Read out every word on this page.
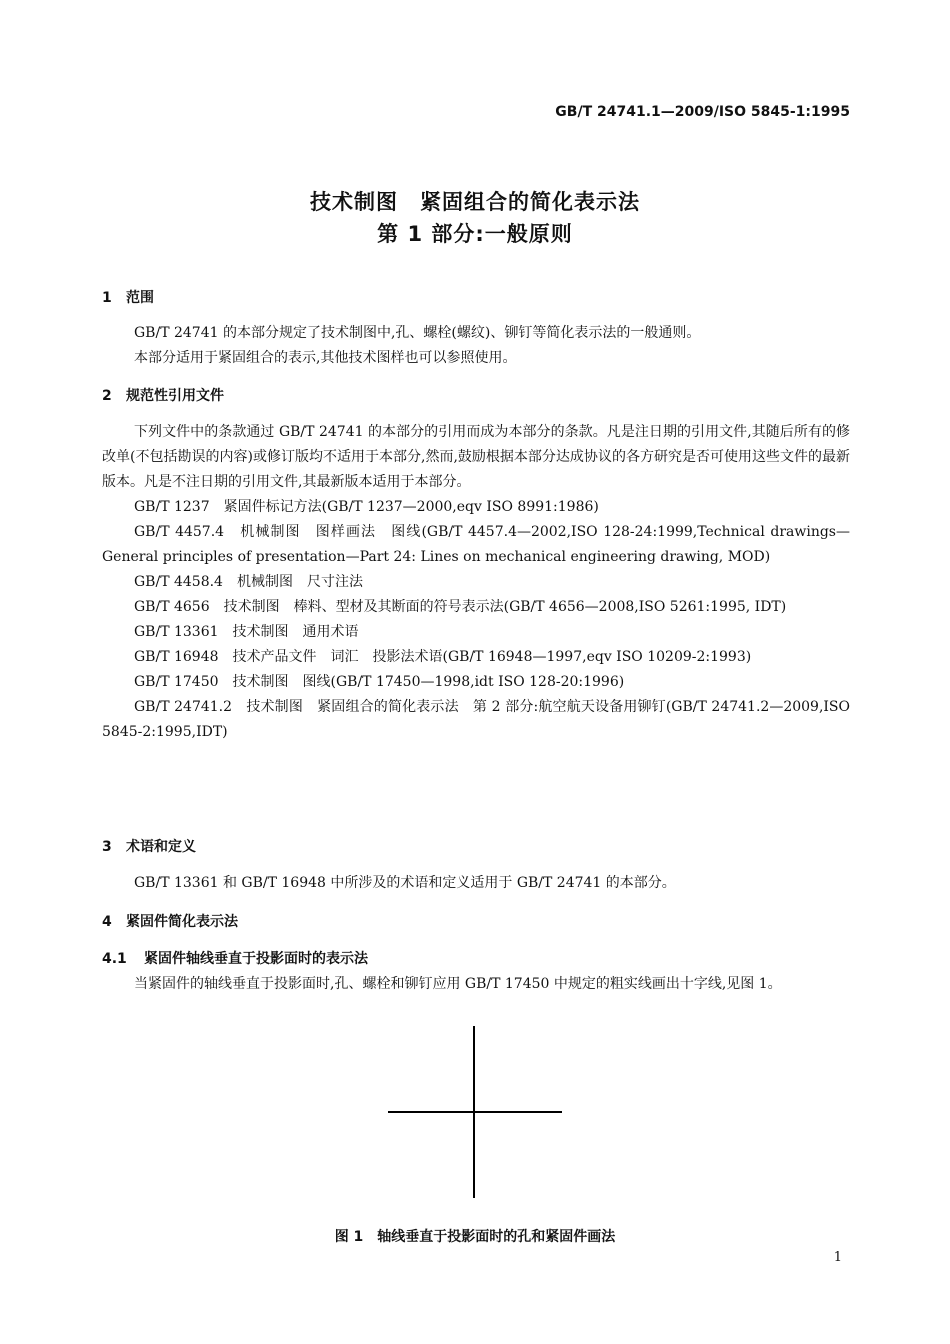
GB/T 24741.1—2009/ISO 5845-1:1995
技术制图　紧固组合的简化表示法
第 1 部分:一般原则
1 范围

GB/T 24741 的本部分规定了技术制图中,孔、螺栓(螺纹)、铆钉等简化表示法的一般通则。

本部分适用于紧固组合的表示,其他技术图样也可以参照使用。

2 规范性引用文件

下列文件中的条款通过 GB/T 24741 的本部分的引用而成为本部分的条款。凡是注日期的引用文件,其随后所有的修改单(不包括勘误的内容)或修订版均不适用于本部分,然而,鼓励根据本部分达成协议的各方研究是否可使用这些文件的最新版本。凡是不注日期的引用文件,其最新版本适用于本部分。

GB/T 1237　紧固件标记方法(GB/T 1237—2000,eqv ISO 8991:1986)

GB/T 4457.4　机械制图　图样画法　图线(GB/T 4457.4—2002,ISO 128-24:1999,Technical drawings—General principles of presentation—Part 24: Lines on mechanical engineering drawing, MOD)

GB/T 4458.4　机械制图　尺寸注法

GB/T 4656　技术制图　棒料、型材及其断面的符号表示法(GB/T 4656—2008,ISO 5261:1995, IDT)

GB/T 13361　技术制图　通用术语

GB/T 16948　技术产品文件　词汇　投影法术语(GB/T 16948—1997,eqv ISO 10209-2:1993)

GB/T 17450　技术制图　图线(GB/T 17450—1998,idt ISO 128-20:1996)

GB/T 24741.2　技术制图　紧固组合的简化表示法　第 2 部分:航空航天设备用铆钉(GB/T 24741.2—2009,ISO 5845-2:1995,IDT)

3 术语和定义

GB/T 13361 和 GB/T 16948 中所涉及的术语和定义适用于 GB/T 24741 的本部分。

4 紧固件简化表示法
4.1 紧固件轴线垂直于投影面时的表示法

当紧固件的轴线垂直于投影面时,孔、螺栓和铆钉应用 GB/T 17450 中规定的粗实线画出十字线,见图 1。

图 1　轴线垂直于投影面时的孔和紧固件画法
1
